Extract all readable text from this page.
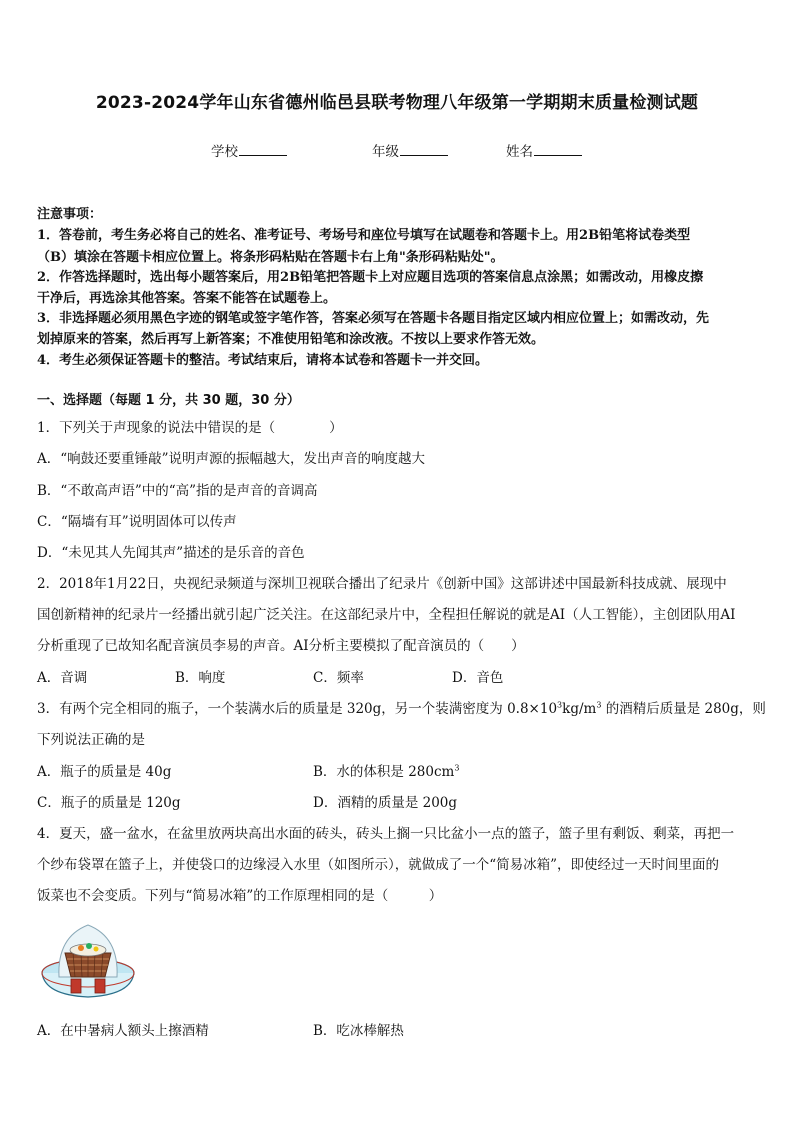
2023-2024学年山东省德州临邑县联考物理八年级第一学期期末质量检测试题
学校	年级	姓名
注意事项：
1．答卷前，考生务必将自己的姓名、准考证号、考场号和座位号填写在试题卷和答题卡上。用2B铅笔将试卷类型
（B）填涂在答题卡相应位置上。将条形码粘贴在答题卡右上角"条形码粘贴处"。
2．作答选择题时，选出每小题答案后，用2B铅笔把答题卡上对应题目选项的答案信息点涂黑；如需改动，用橡皮擦
干净后，再选涂其他答案。答案不能答在试题卷上。
3．非选择题必须用黑色字迹的钢笔或签字笔作答，答案必须写在答题卡各题目指定区域内相应位置上；如需改动，先
划掉原来的答案，然后再写上新答案；不准使用铅笔和涂改液。不按以上要求作答无效。
4．考生必须保证答题卡的整洁。考试结束后，请将本试卷和答题卡一并交回。
一、选择题（每题 1 分，共 30 题，30 分）
1．下列关于声现象的说法中错误的是（　　　　）
A．“响鼓还要重锤敲”说明声源的振幅越大，发出声音的响度越大
B．“不敢高声语”中的“高”指的是声音的音调高
C．“隔墙有耳”说明固体可以传声
D．“未见其人先闻其声”描述的是乐音的音色
2．2018年1月22日，央视纪录频道与深圳卫视联合播出了纪录片《创新中国》这部讲述中国最新科技成就、展现中
国创新精神的纪录片一经播出就引起广泛关注。在这部纪录片中，全程担任解说的就是AI（人工智能），主创团队用AI
分析重现了已故知名配音演员李易的声音。AI分析主要模拟了配音演员的（　　）
A．音调	B．响度	C．频率	D．音色
3．有两个完全相同的瓶子，一个装满水后的质量是 320g，另一个装满密度为 $0.8\times 10^3kg/m^3$ 的酒精后质量是 280g，则
下列说法正确的是
A．瓶子的质量是 40g	B．水的体积是 $280cm^3$
C．瓶子的质量是 120g	D．酒精的质量是 200g
4．夏天，盛一盆水，在盆里放两块高出水面的砖头，砖头上搁一只比盆小一点的篮子，篮子里有剩饭、剩菜，再把一
个纱布袋罩在篮子上，并使袋口的边缘浸入水里（如图所示），就做成了一个“简易冰箱”，即使经过一天时间里面的
饭菜也不会变质。下列与“简易冰箱”的工作原理相同的是（　　　）
A．在中暑病人额头上擦酒精	B．吃冰棒解热
